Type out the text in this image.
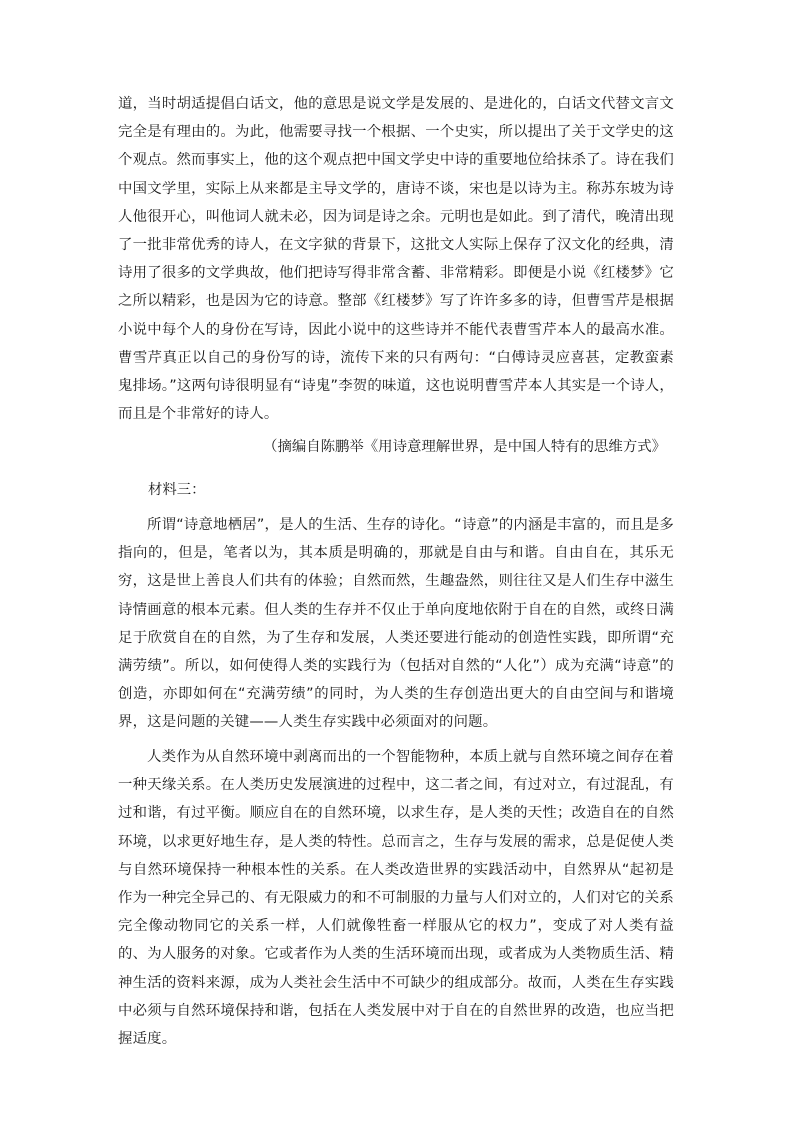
道，当时胡适提倡白话文，他的意思是说文学是发展的、是进化的，白话文代替文言文完全是有理由的。为此，他需要寻找一个根据、一个史实，所以提出了关于文学史的这个观点。然而事实上，他的这个观点把中国文学史中诗的重要地位给抹杀了。诗在我们中国文学里，实际上从来都是主导文学的，唐诗不谈，宋也是以诗为主。称苏东坡为诗人他很开心，叫他词人就未必，因为词是诗之余。元明也是如此。到了清代，晚清出现了一批非常优秀的诗人，在文字狱的背景下，这批文人实际上保存了汉文化的经典，清诗用了很多的文学典故，他们把诗写得非常含蓄、非常精彩。即便是小说《红楼梦》它之所以精彩，也是因为它的诗意。整部《红楼梦》写了许许多多的诗，但曹雪芹是根据小说中每个人的身份在写诗，因此小说中的这些诗并不能代表曹雪芹本人的最高水准。曹雪芹真正以自己的身份写的诗，流传下来的只有两句：“白傅诗灵应喜甚，定教蛮素鬼排场。”这两句诗很明显有“诗鬼”李贺的味道，这也说明曹雪芹本人其实是一个诗人，而且是个非常好的诗人。

（摘编自陈鹏举《用诗意理解世界，是中国人特有的思维方式》
材料三：

所谓“诗意地栖居”，是人的生活、生存的诗化。“诗意”的内涵是丰富的，而且是多指向的，但是，笔者以为，其本质是明确的，那就是自由与和谐。自由自在，其乐无穷，这是世上善良人们共有的体验；自然而然，生趣盎然，则往往又是人们生存中滋生诗情画意的根本元素。但人类的生存并不仅止于单向度地依附于自在的自然，或终日满足于欣赏自在的自然，为了生存和发展，人类还要进行能动的创造性实践，即所谓“充满劳绩”。所以，如何使得人类的实践行为（包括对自然的“人化”）成为充满“诗意”的创造，亦即如何在“充满劳绩”的同时，为人类的生存创造出更大的自由空间与和谐境界，这是问题的关键——人类生存实践中必须面对的问题。

人类作为从自然环境中剥离而出的一个智能物种，本质上就与自然环境之间存在着一种天缘关系。在人类历史发展演进的过程中，这二者之间，有过对立，有过混乱，有过和谐，有过平衡。顺应自在的自然环境，以求生存，是人类的天性；改造自在的自然环境，以求更好地生存，是人类的特性。总而言之，生存与发展的需求，总是促使人类与自然环境保持一种根本性的关系。在人类改造世界的实践活动中，自然界从“起初是作为一种完全异己的、有无限威力的和不可制服的力量与人们对立的，人们对它的关系完全像动物同它的关系一样，人们就像牲畜一样服从它的权力”，变成了对人类有益的、为人服务的对象。它或者作为人类的生活环境而出现，或者成为人类物质生活、精神生活的资料来源，成为人类社会生活中不可缺少的组成部分。故而，人类在生存实践中必须与自然环境保持和谐，包括在人类发展中对于自在的自然世界的改造，也应当把握适度。
